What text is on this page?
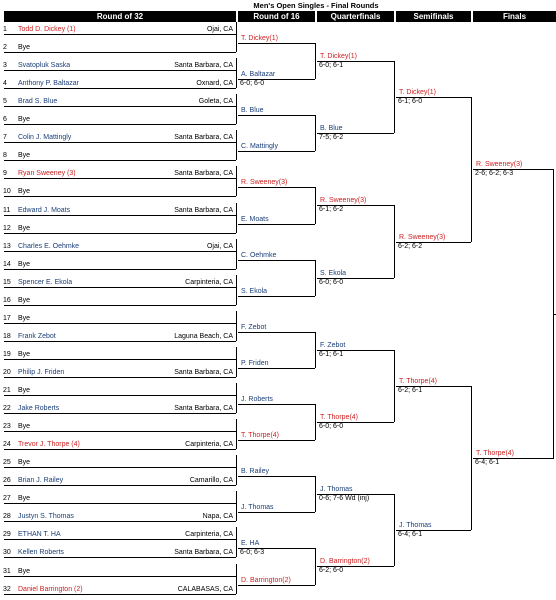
Men's Open Singles - Final Rounds
Round of 32	Round of 16	Quarterfinals	Semifinals	Finals
1	Todd D. Dickey (1)	Ojai, CA
2	Bye
3	Svatopluk Saska	Santa Barbara, CA
4	Anthony P. Baltazar	Oxnard, CA
5	Brad S. Blue	Goleta, CA
6	Bye
7	Colin J. Mattingly	Santa Barbara, CA
8	Bye
9	Ryan Sweeney (3)	Santa Barbara, CA
10	Bye
11	Edward J. Moats	Santa Barbara, CA
12	Bye
13	Charles E. Oehmke	Ojai, CA
14	Bye
15	Spencer E. Ekola	Carpinteria, CA
16	Bye
17	Bye
18	Frank Zebot	Laguna Beach, CA
19	Bye
20	Philip J. Friden	Santa Barbara, CA
21	Bye
22	Jake Roberts	Santa Barbara, CA
23	Bye
24	Trevor J. Thorpe (4)	Carpinteria, CA
25	Bye
26	Brian J. Railey	Camarillo, CA
27	Bye
28	Justyn S. Thomas	Napa, CA
29	ETHAN T. HA	Carpinteria, CA
30	Kellen Roberts	Santa Barbara, CA
31	Bye
32	Daniel Barrington (2)	CALABASAS, CA
T. Dickey(1)
A. Baltazar
6-0; 6-0
B. Blue
C. Mattingly
R. Sweeney(3)
E. Moats
C. Oehmke
S. Ekola
F. Zebot
P. Friden
J. Roberts
T. Thorpe(4)
B. Railey
J. Thomas
E. HA
6-0; 6-3
D. Barrington(2)
T. Dickey(1)
6-0; 6-1
B. Blue
7-5; 6-2
R. Sweeney(3)
6-1; 6-2
S. Ekola
6-0; 6-0
F. Zebot
6-1; 6-1
T. Thorpe(4)
6-0; 6-0
J. Thomas
0-6; 7-6 Wd (inj)
D. Barrington(2)
6-2; 6-0
T. Dickey(1)
6-1; 6-0
R. Sweeney(3)
6-2; 6-2
T. Thorpe(4)
6-2; 6-1
J. Thomas
6-4; 6-1
R. Sweeney(3)
2-6; 6-2; 6-3
T. Thorpe(4)
6-4; 6-1
